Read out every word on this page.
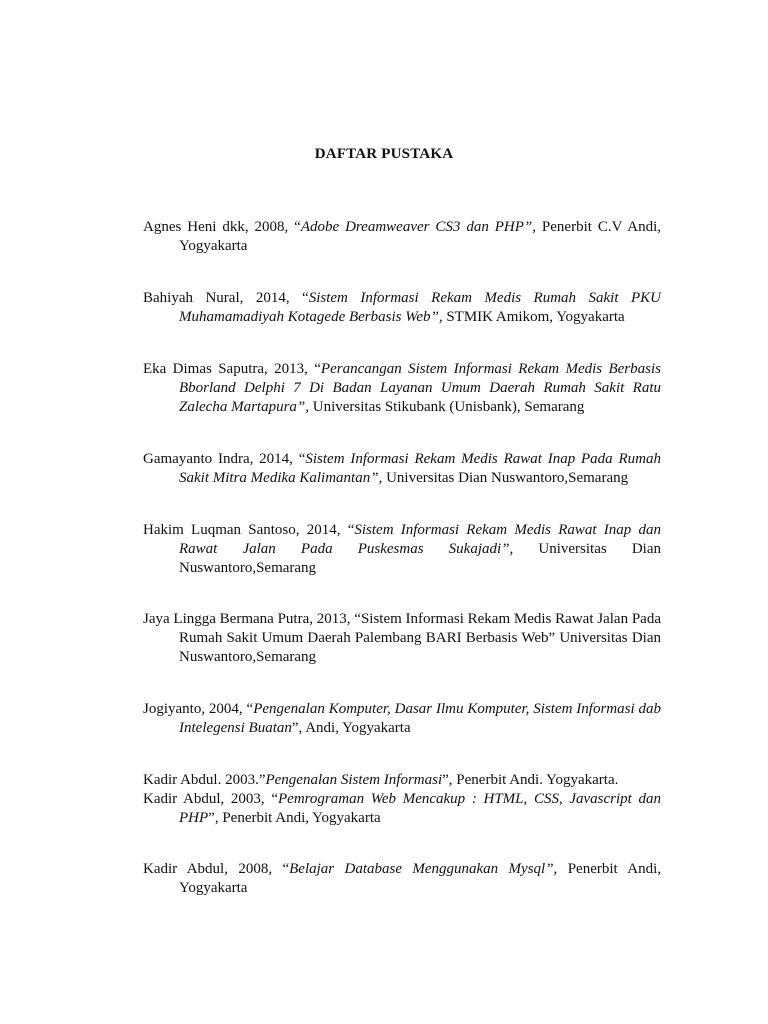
DAFTAR PUSTAKA
Agnes Heni dkk, 2008, “Adobe Dreamweaver CS3 dan PHP”, Penerbit C.V Andi, Yogyakarta
Bahiyah Nural, 2014, “Sistem Informasi Rekam Medis Rumah Sakit PKU Muhamamadiyah Kotagede Berbasis Web”, STMIK Amikom, Yogyakarta
Eka Dimas Saputra, 2013, “Perancangan Sistem Informasi Rekam Medis Berbasis Bborland Delphi 7 Di Badan Layanan Umum Daerah Rumah Sakit Ratu Zalecha Martapura”, Universitas Stikubank (Unisbank), Semarang
Gamayanto Indra, 2014, “Sistem Informasi Rekam Medis Rawat Inap Pada Rumah Sakit Mitra Medika Kalimantan”, Universitas Dian Nuswantoro,Semarang
Hakim Luqman Santoso, 2014, “Sistem Informasi Rekam Medis Rawat Inap dan Rawat Jalan Pada Puskesmas Sukajadi”, Universitas Dian Nuswantoro,Semarang
Jaya Lingga Bermana Putra, 2013, “Sistem Informasi Rekam Medis Rawat Jalan Pada Rumah Sakit Umum Daerah Palembang BARI Berbasis Web” Universitas Dian Nuswantoro,Semarang
Jogiyanto, 2004, “Pengenalan Komputer, Dasar Ilmu Komputer, Sistem Informasi dab Intelegensi Buatan”, Andi, Yogyakarta
Kadir Abdul. 2003.”Pengenalan Sistem Informasi”, Penerbit Andi. Yogyakarta.
Kadir Abdul, 2003, “Pemrograman Web Mencakup : HTML, CSS, Javascript dan PHP”, Penerbit Andi, Yogyakarta
Kadir Abdul, 2008, “Belajar Database Menggunakan Mysql”, Penerbit Andi, Yogyakarta
